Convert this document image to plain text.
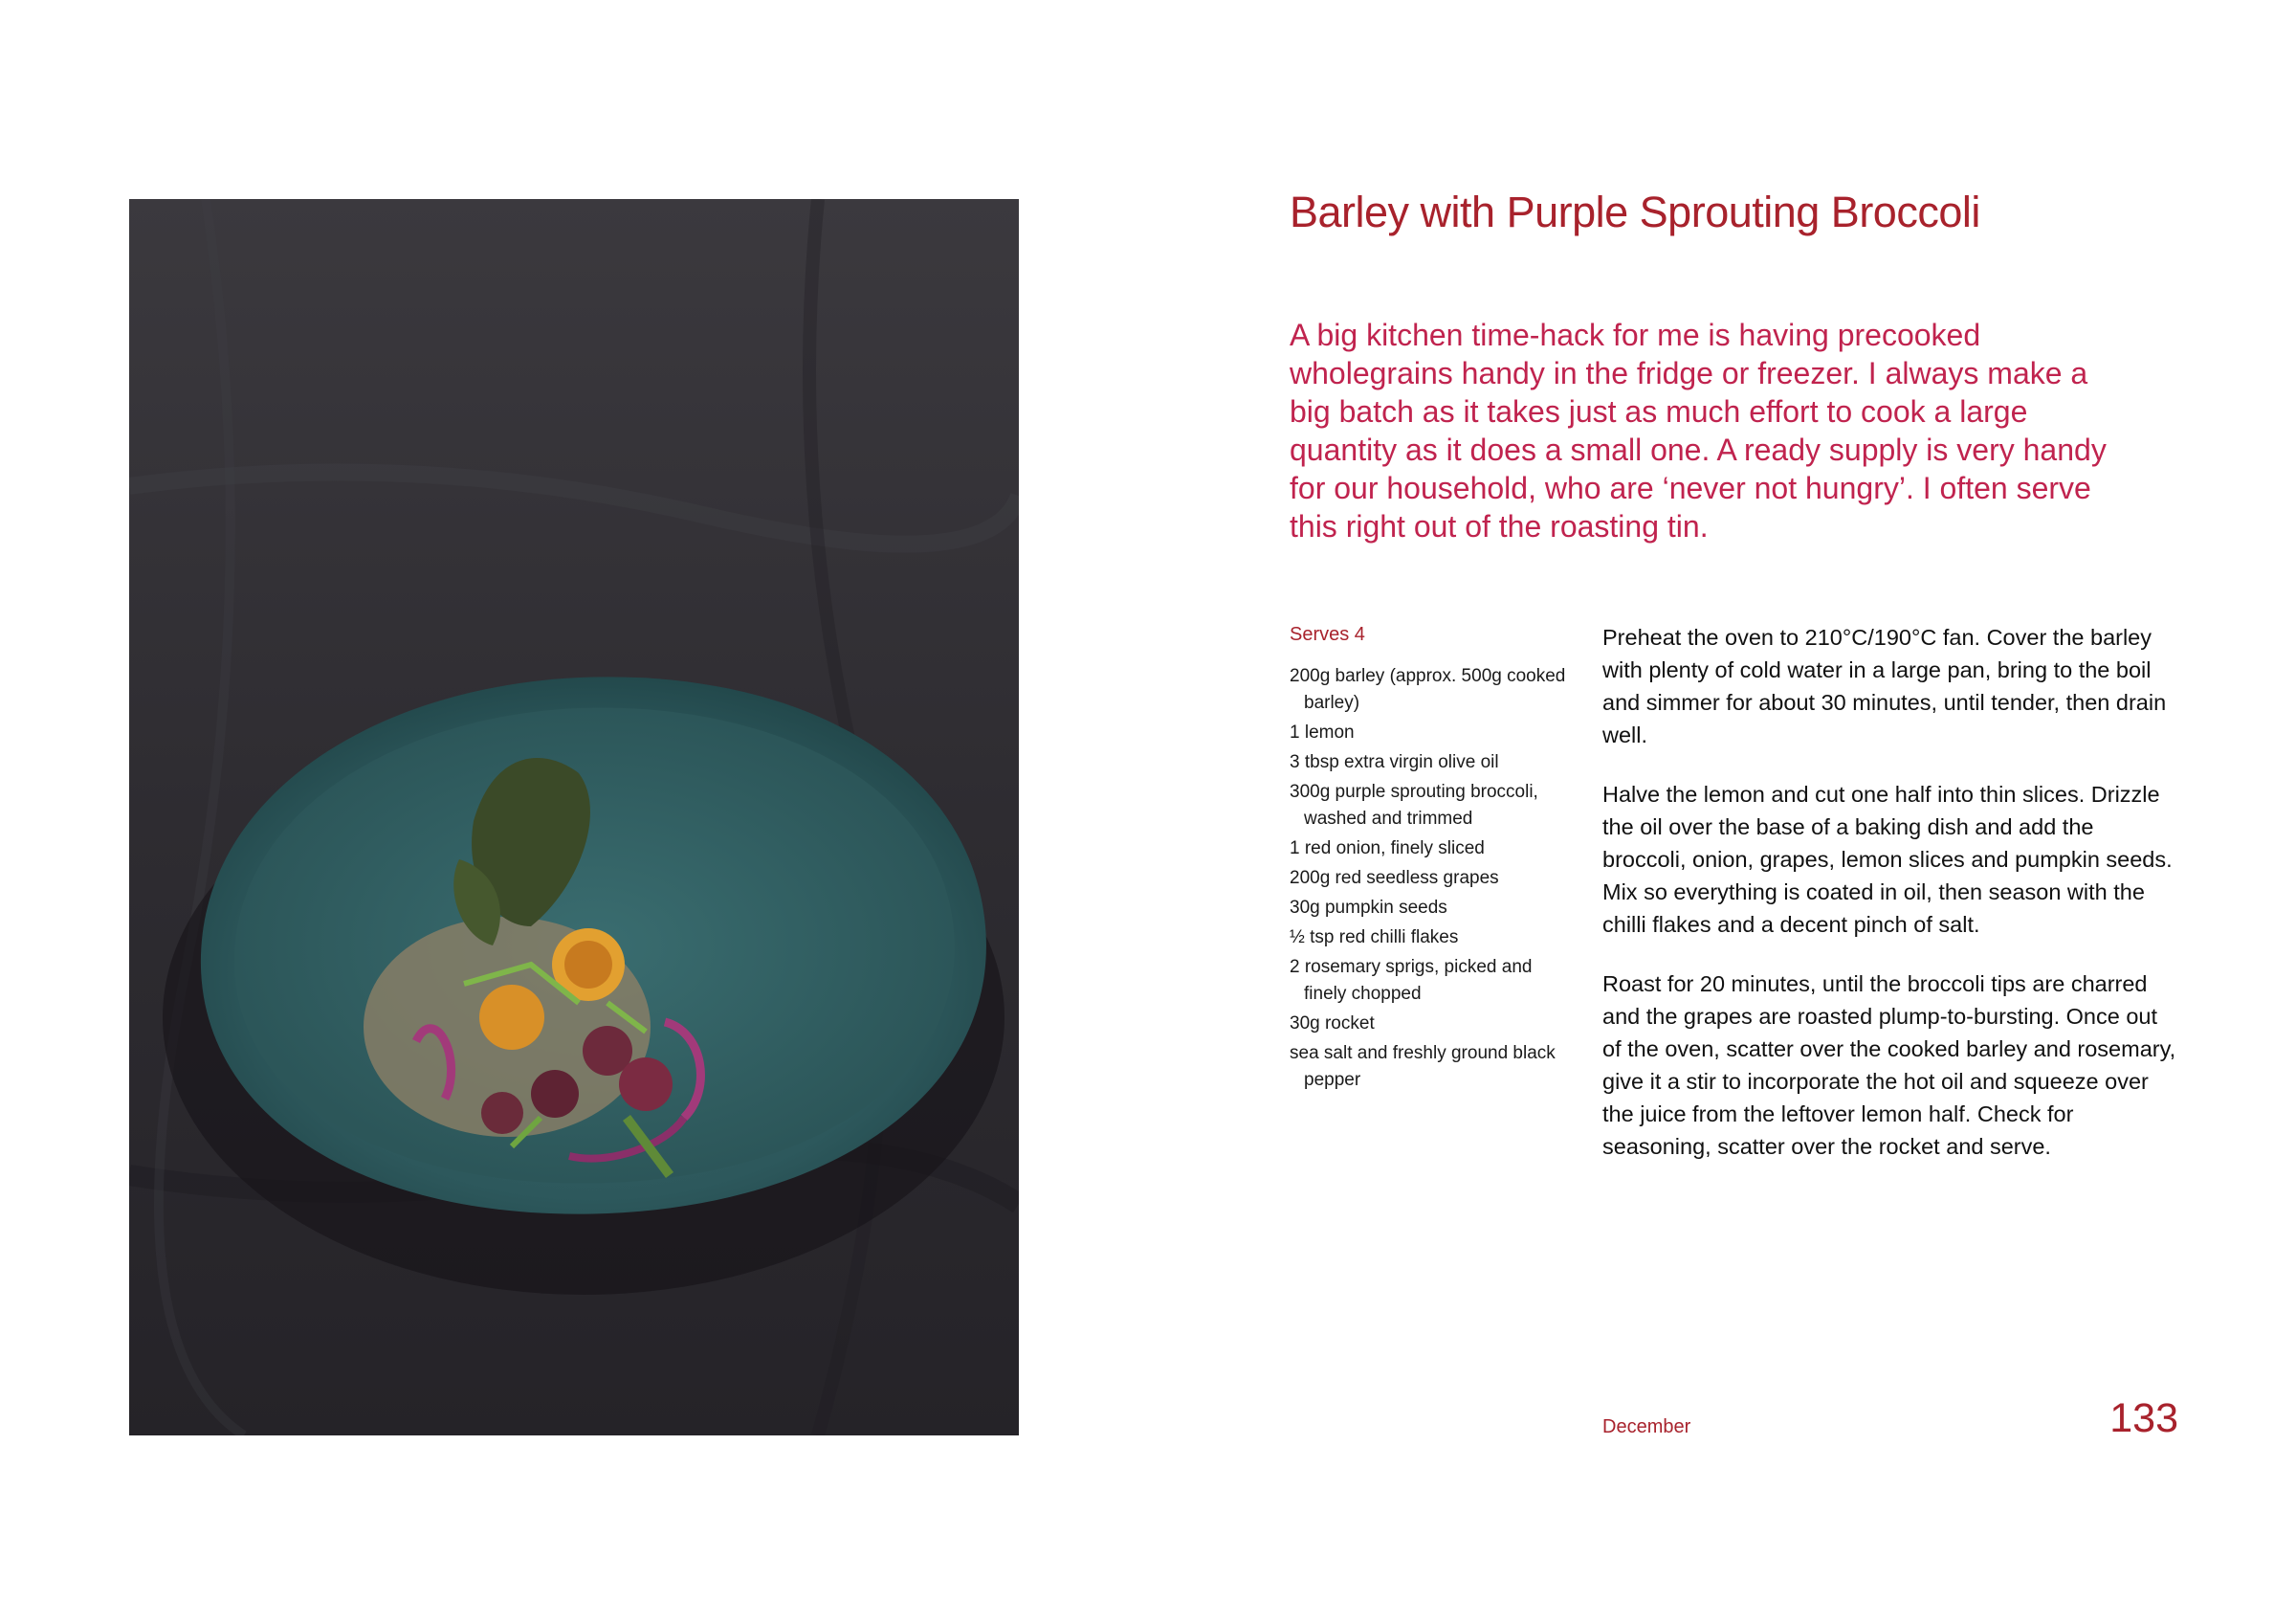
Barley with Purple Sprouting Broccoli

A big kitchen time-hack for me is having precooked wholegrains handy in the fridge or freezer. I always make a big batch as it takes just as much effort to cook a large quantity as it does a small one. A ready supply is very handy for our household, who are ‘never not hungry’. I often serve this right out of the roasting tin.

Serves 4

200g barley (approx. 500g cooked barley)
1 lemon
3 tbsp extra virgin olive oil
300g purple sprouting broccoli, washed and trimmed
1 red onion, finely sliced
200g red seedless grapes
30g pumpkin seeds
½ tsp red chilli flakes
2 rosemary sprigs, picked and finely chopped
30g rocket
sea salt and freshly ground black pepper

Preheat the oven to 210°C/190°C fan. Cover the barley with plenty of cold water in a large pan, bring to the boil and simmer for about 30 minutes, until tender, then drain well.

Halve the lemon and cut one half into thin slices. Drizzle the oil over the base of a baking dish and add the broccoli, onion, grapes, lemon slices and pumpkin seeds. Mix so everything is coated in oil, then season with the chilli flakes and a decent pinch of salt.

Roast for 20 minutes, until the broccoli tips are charred and the grapes are roasted plump-to-bursting. Once out of the oven, scatter over the cooked barley and rosemary, give it a stir to incorporate the hot oil and squeeze over the juice from the leftover lemon half. Check for seasoning, scatter over the rocket and serve.

December	133
